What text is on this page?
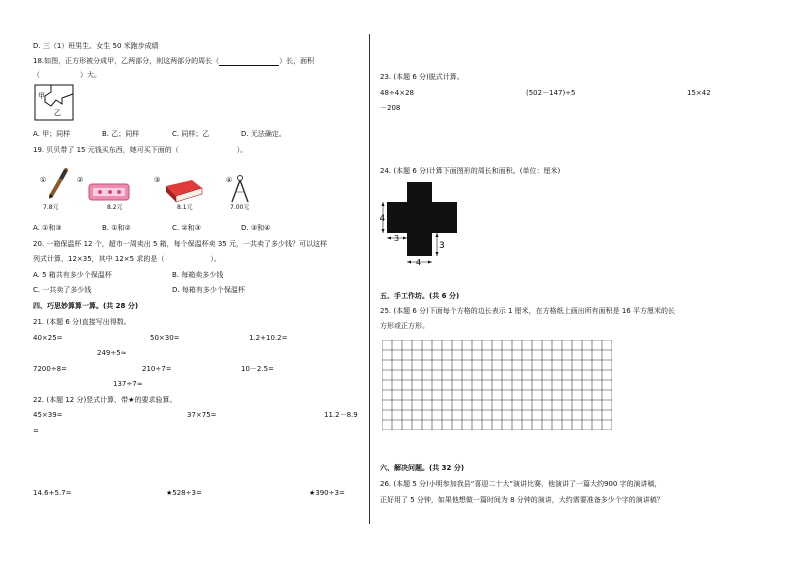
D. 三（1）班男生、女生 50 米跑步成绩
18.如图，正方形被分成甲，乙两部分，则这两部分的周长（	）长，面积
（	）大。
甲
乙
A. 甲；同样	B. 乙；同样	C. 同样；乙	D. 无法确定。
19. 贝贝带了 15 元钱买东西，她可买下面的（	）。
①
7.8元
②
8.2元
③
8.1元
④
7.00元
A. ①和③	B. ①和②	C. ②和③	D. ③和④
20. 一箱保温杯 12 个，超市一周卖出 5 箱，每个保温杯卖 35 元，一共卖了多少钱？可以这样
列式计算，12×35，其中 12×5 求的是（	）。
A. 5 箱共有多少个保温杯	B. 每箱卖多少钱
C. 一共卖了多少钱	D. 每箱有多少个保温杯
四、巧思妙算算一算。(共 28 分)
21. (本题 6 分)直接写出得数。
40×25=	50×30=	1.2+10.2=
249÷5≈
7200÷8=	210÷7=	10－2.5=
137÷7≈
22. (本题 12 分)竖式计算，带★的要求验算。
45×39=	37×75=	11.2－8.9
=
14.6+5.7=	★528÷3=	★390÷3=
23. (本题 6 分)脱式计算。
48÷4×28	(502－147)÷5	15×42
－208
24. (本题 6 分)计算下面图形的周长和面积。(单位：厘米)
4
3
3
4
五、手工作坊。(共 6 分)
25. (本题 6 分)下面每个方格的边长表示 1 厘米，在方格纸上画出所有面积是 16 平方厘米的长
方形或正方形。
六、解决问题。(共 32 分)
26. (本题 5 分)小明参加我县“喜迎二十大”演讲比赛，他演讲了一篇大约900 字的演讲稿，
正好用了 5 分钟，如果他想做一篇时间为 8 分钟的演讲，大约需要准备多少个字的演讲稿？
